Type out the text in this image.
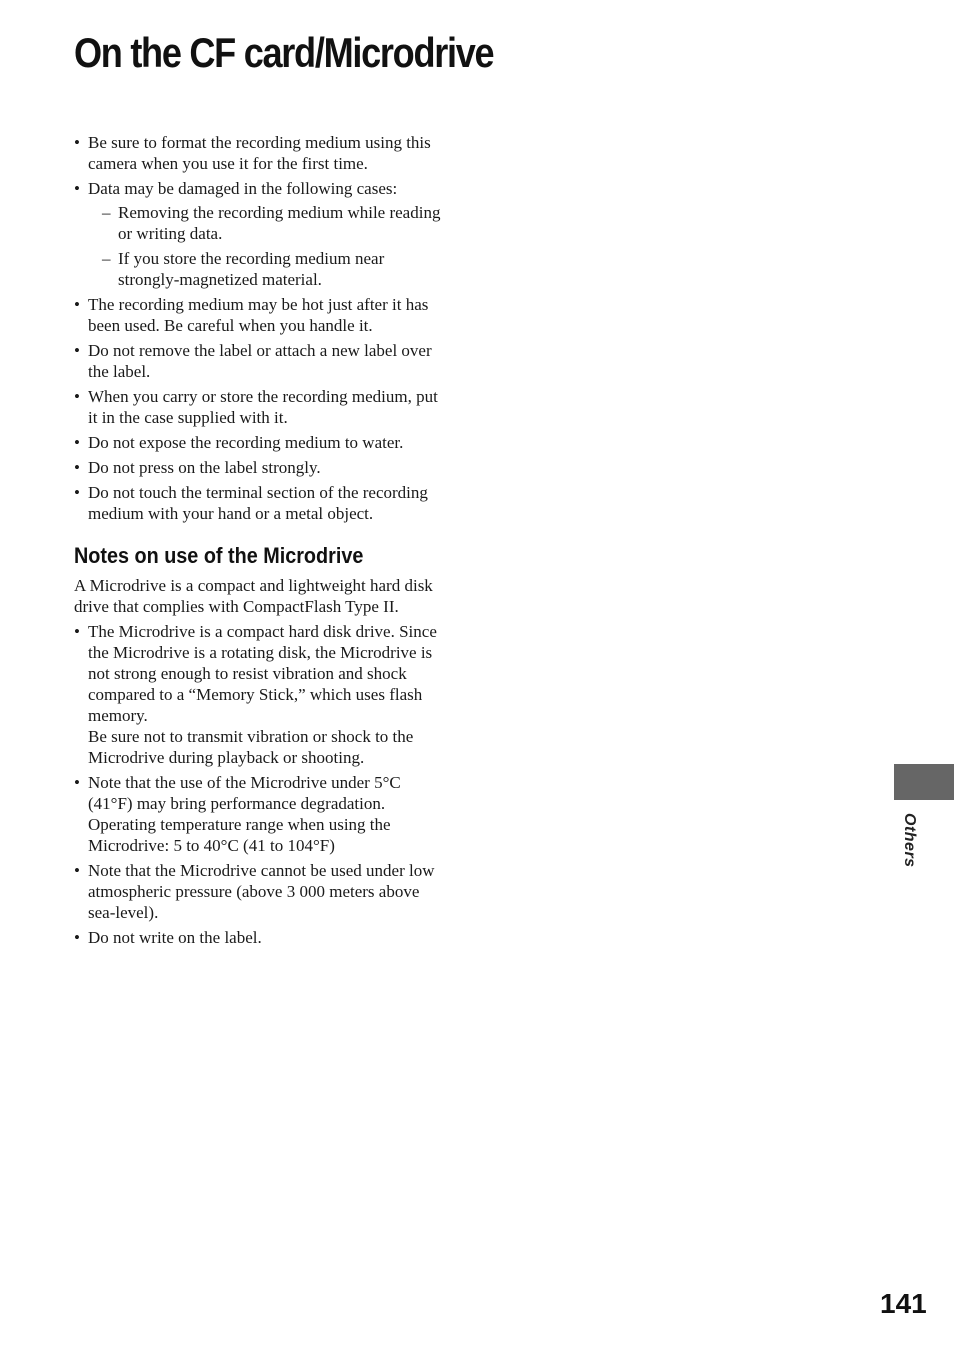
On the CF card/Microdrive
• Be sure to format the recording medium using this camera when you use it for the first time.
• Data may be damaged in the following cases:
– Removing the recording medium while reading or writing data.
– If you store the recording medium near strongly-magnetized material.
• The recording medium may be hot just after it has been used. Be careful when you handle it.
• Do not remove the label or attach a new label over the label.
• When you carry or store the recording medium, put it in the case supplied with it.
• Do not expose the recording medium to water.
• Do not press on the label strongly.
• Do not touch the terminal section of the recording medium with your hand or a metal object.
Notes on use of the Microdrive

A Microdrive is a compact and lightweight hard disk drive that complies with CompactFlash Type II.

• The Microdrive is a compact hard disk drive. Since the Microdrive is a rotating disk, the Microdrive is not strong enough to resist vibration and shock compared to a “Memory Stick,” which uses flash memory.
Be sure not to transmit vibration or shock to the Microdrive during playback or shooting.
• Note that the use of the Microdrive under 5°C (41°F) may bring performance degradation. Operating temperature range when using the Microdrive: 5 to 40°C (41 to 104°F)
• Note that the Microdrive cannot be used under low atmospheric pressure (above 3 000 meters above sea-level).
• Do not write on the label.
Others
141
